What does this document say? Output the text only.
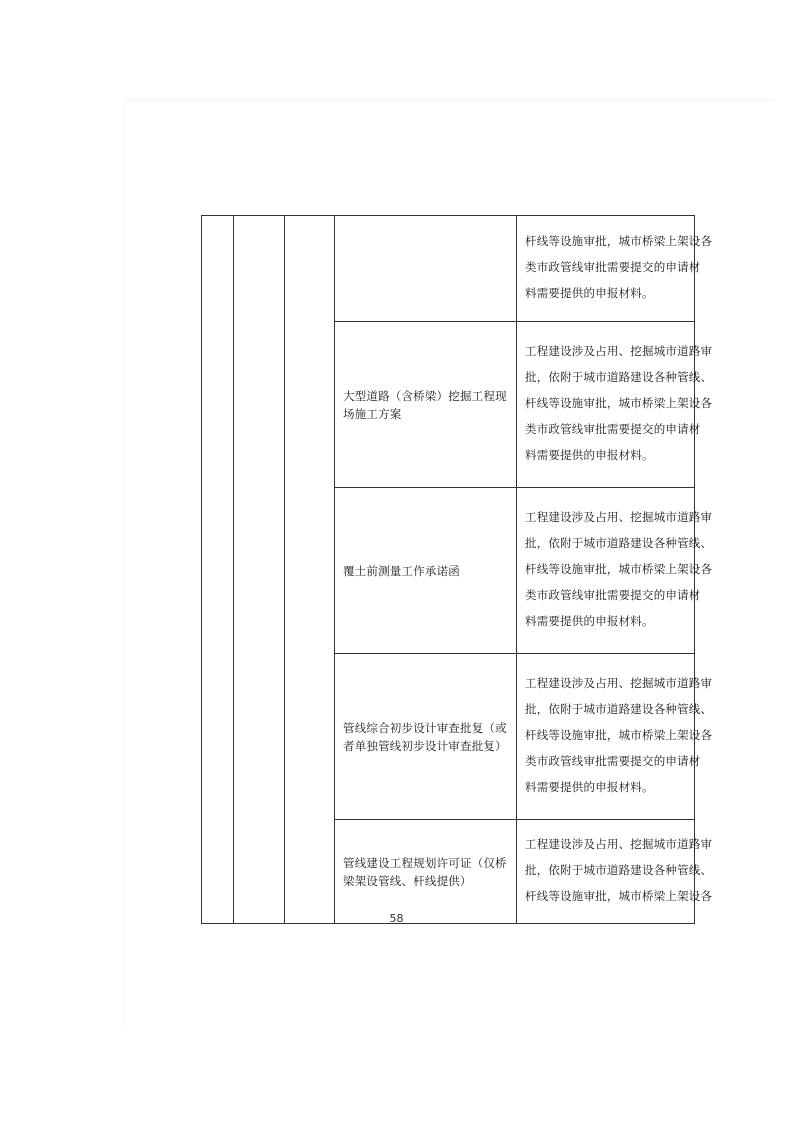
				杆线等设施审批，城市桥梁上架设各
类市政管线审批需要提交的申请材
料需要提供的申报材料。

			大型道路（含桥梁）挖掘工程现场施工方案	工程建设涉及占用、挖掘城市道路审
批，依附于城市道路建设各种管线、
杆线等设施审批，城市桥梁上架设各
类市政管线审批需要提交的申请材
料需要提供的申报材料。

			覆土前测量工作承诺函	工程建设涉及占用、挖掘城市道路审
批，依附于城市道路建设各种管线、
杆线等设施审批，城市桥梁上架设各
类市政管线审批需要提交的申请材
料需要提供的申报材料。

			管线综合初步设计审查批复（或者单独管线初步设计审查批复）	工程建设涉及占用、挖掘城市道路审
批，依附于城市道路建设各种管线、
杆线等设施审批，城市桥梁上架设各
类市政管线审批需要提交的申请材
料需要提供的申报材料。

			管线建设工程规划许可证（仅桥梁架设管线、杆线提供）	工程建设涉及占用、挖掘城市道路审
批，依附于城市道路建设各种管线、
杆线等设施审批，城市桥梁上架设各
58
